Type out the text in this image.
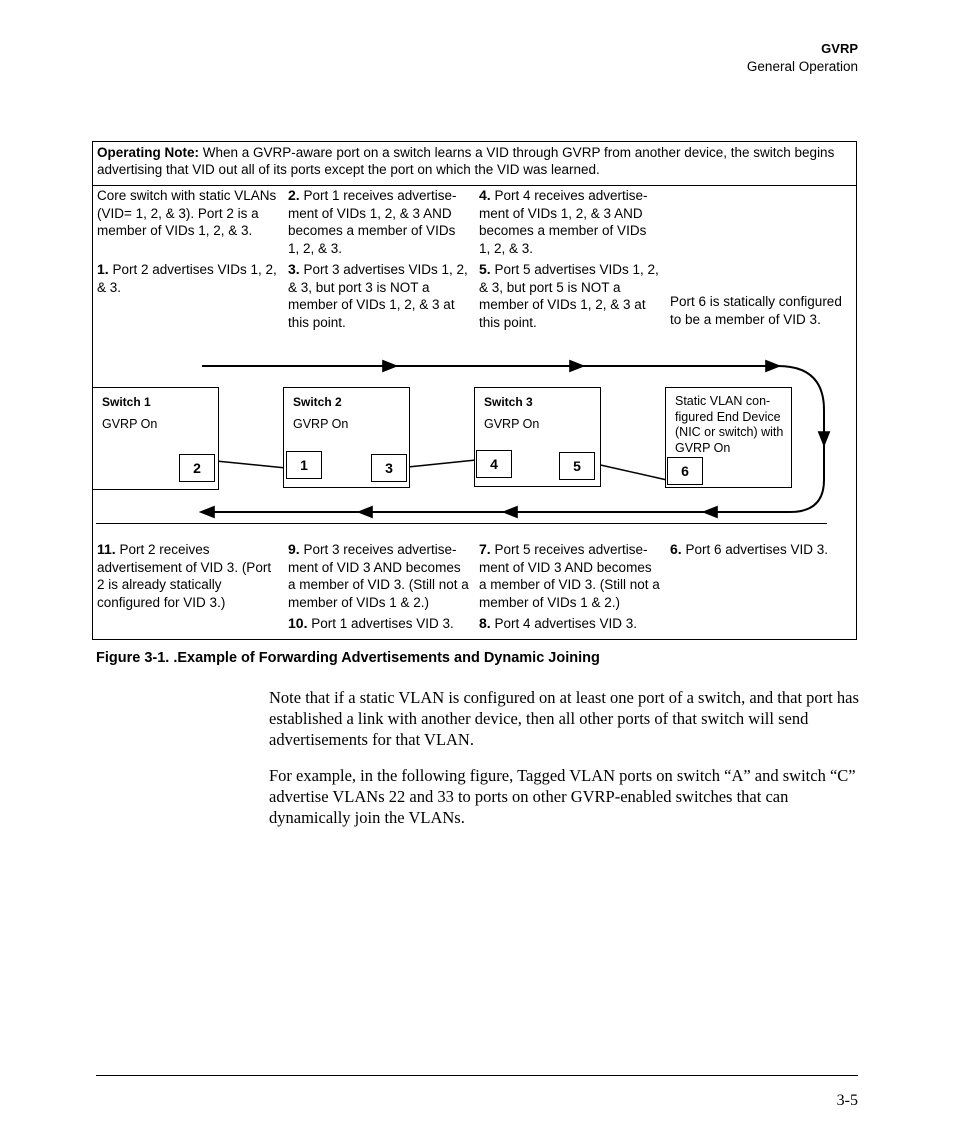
GVRP
General Operation
Operating Note: When a GVRP-aware port on a switch learns a VID through GVRP from another device, the switch begins advertising that VID out all of its ports except the port on which the VID was learned.
Core switch with static VLANs (VID= 1, 2, & 3). Port 2 is a member of VIDs 1, 2, & 3.
1. Port 2 advertises VIDs 1, 2, & 3.
2. Port 1 receives advertise-ment of VIDs 1, 2, & 3 AND becomes a member of VIDs 1, 2, & 3.
3. Port 3 advertises VIDs 1, 2, & 3, but port 3 is NOT a member of VIDs 1, 2, & 3 at this point.
4. Port 4 receives advertise-ment of VIDs 1, 2, & 3 AND becomes a member of VIDs 1, 2, & 3.
5. Port 5 advertises VIDs 1, 2, & 3, but port 5 is NOT a member of VIDs 1, 2, & 3 at this point.
Port 6 is statically configured to be a member of VID 3.
Switch 1
GVRP On
2
Switch 2
GVRP On
1	3
Switch 3
GVRP On
4	5
Static VLAN con-figured End Device (NIC or switch) with GVRP On
6
11. Port 2 receives advertisement of VID 3. (Port 2 is already statically configured for VID 3.)
9. Port 3 receives advertise-ment of VID 3 AND becomes a member of VID 3. (Still not a member of VIDs 1 & 2.)
10. Port 1 advertises VID 3.
7. Port 5 receives advertise-ment of VID 3 AND becomes a member of VID 3. (Still not a member of VIDs 1 & 2.)
8. Port 4 advertises VID 3.
6. Port 6 advertises VID 3.
Figure 3-1. .Example of Forwarding Advertisements and Dynamic Joining
Note that if a static VLAN is configured on at least one port of a switch, and that port has established a link with another device, then all other ports of that switch will send advertisements for that VLAN.
For example, in the following figure, Tagged VLAN ports on switch “A” and switch “C” advertise VLANs 22 and 33 to ports on other GVRP-enabled switches that can dynamically join the VLANs.
3-5
